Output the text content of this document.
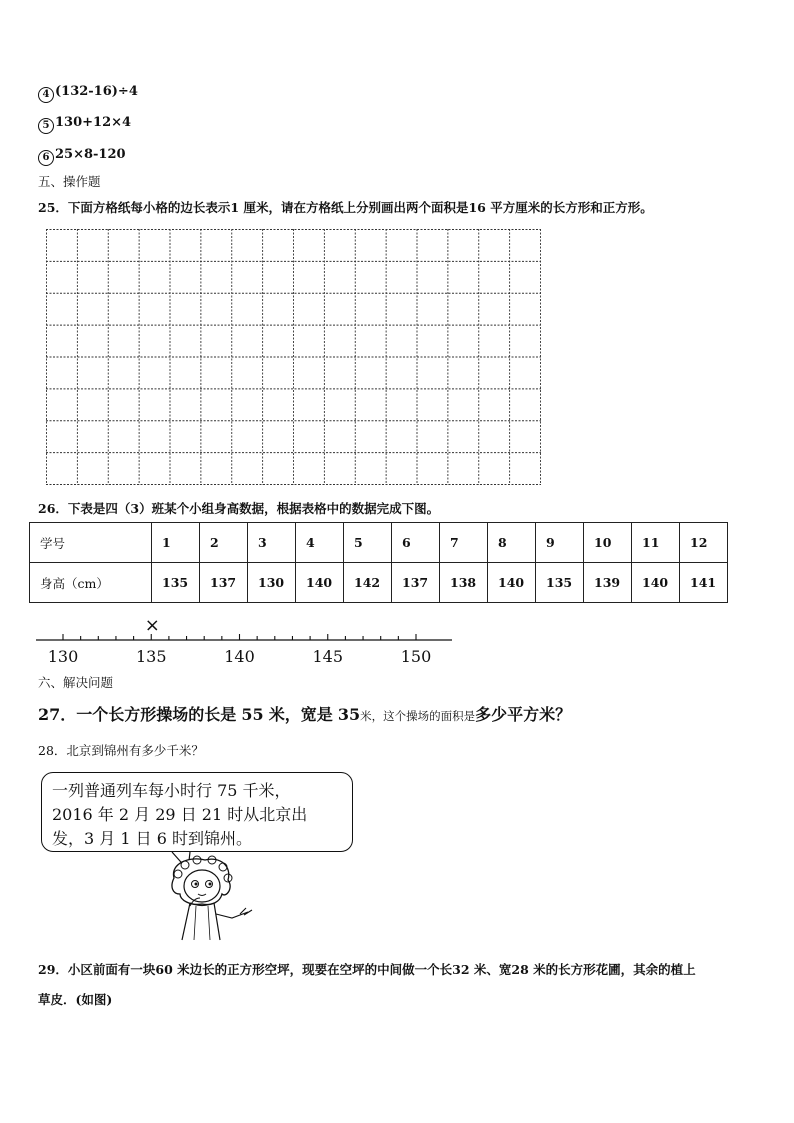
4 (132-16)÷4
5 130+12×4
6 25×8-120
五、操作题
25．下面方格纸每小格的边长表示1 厘米，请在方格纸上分别画出两个面积是16 平方厘米的长方形和正方形。
26．下表是四（3）班某个小组身高数据，根据表格中的数据完成下图。
学号	1	2	3	4	5	6	7	8	9	10	11	12
身高（cm）	135	137	130	140	142	137	138	140	135	139	140	141
130	135	140	145	150
×
六、解决问题
27．一个长方形操场的长是 55 米，宽是 35米，这个操场的面积是多少平方米？
28．北京到锦州有多少千米？
一列普通列车每小时行 75 千米，
2016 年 2 月 29 日 21 时从北京出
发，3 月 1 日 6 时到锦州。
29．小区前面有一块60 米边长的正方形空坪，现要在空坪的中间做一个长32 米、宽28 米的长方形花圃，其余的植上
草皮．(如图)
